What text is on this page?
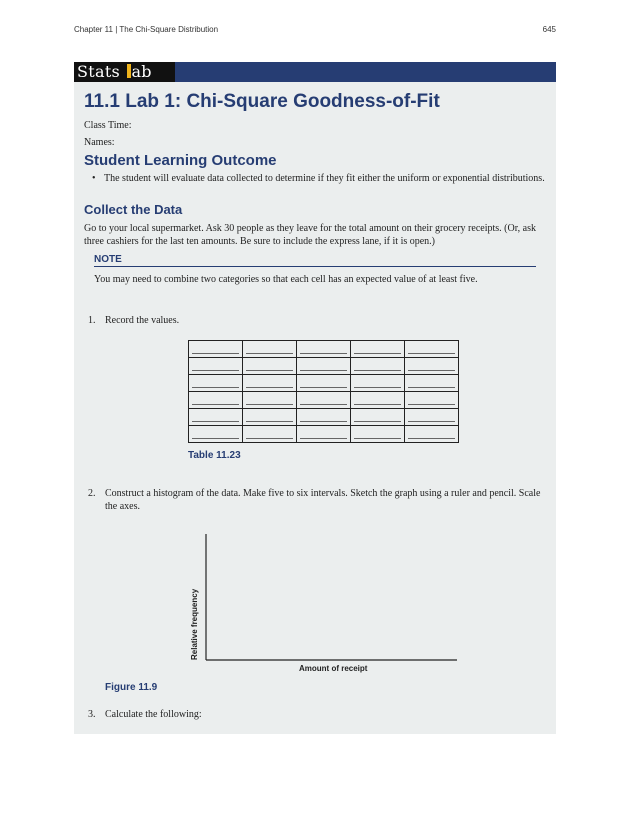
Chapter 11 | The Chi-Square Distribution	645
Stats ab
11.1 Lab 1: Chi-Square Goodness-of-Fit
Class Time:
Names:
Student Learning Outcome
• The student will evaluate data collected to determine if they fit either the uniform or exponential distributions.
Collect the Data

Go to your local supermarket. Ask 30 people as they leave for the total amount on their grocery receipts. (Or, ask three cashiers for the last ten amounts. Be sure to include the express lane, if it is open.)

NOTE
You may need to combine two categories so that each cell has an expected value of at least five.
1. Record the values.

Table 11.23
2. Construct a histogram of the data. Make five to six intervals. Sketch the graph using a ruler and pencil. Scale the axes.
Relative frequency
Amount of receipt
Figure 11.9
3. Calculate the following:
